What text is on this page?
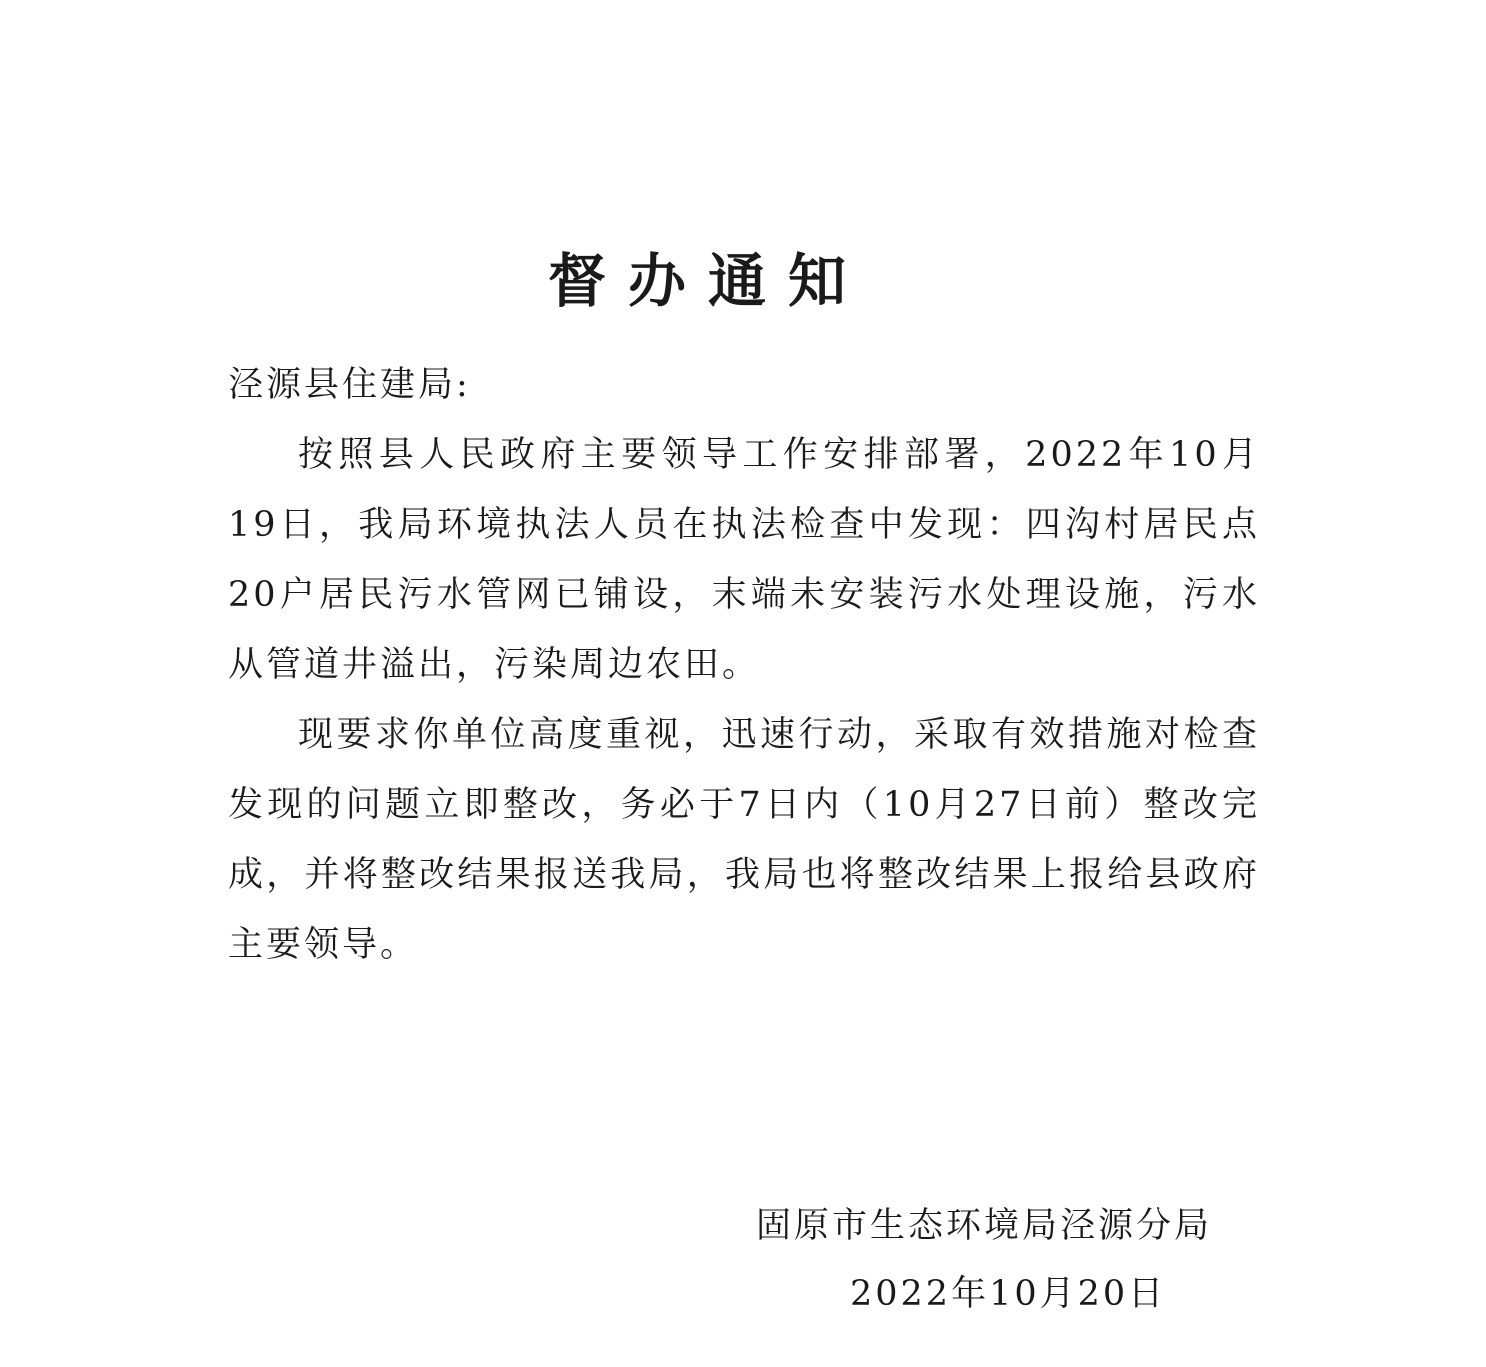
督办通知

泾源县住建局:

按照县人民政府主要领导工作安排部署，2022年10月19日，我局环境执法人员在执法检查中发现：四沟村居民点20户居民污水管网已铺设，末端未安装污水处理设施，污水从管道井溢出，污染周边农田。

现要求你单位高度重视，迅速行动，采取有效措施对检查发现的问题立即整改，务必于7日内（10月27日前）整改完成，并将整改结果报送我局，我局也将整改结果上报给县政府主要领导。

固原市生态环境局泾源分局
2022年10月20日
